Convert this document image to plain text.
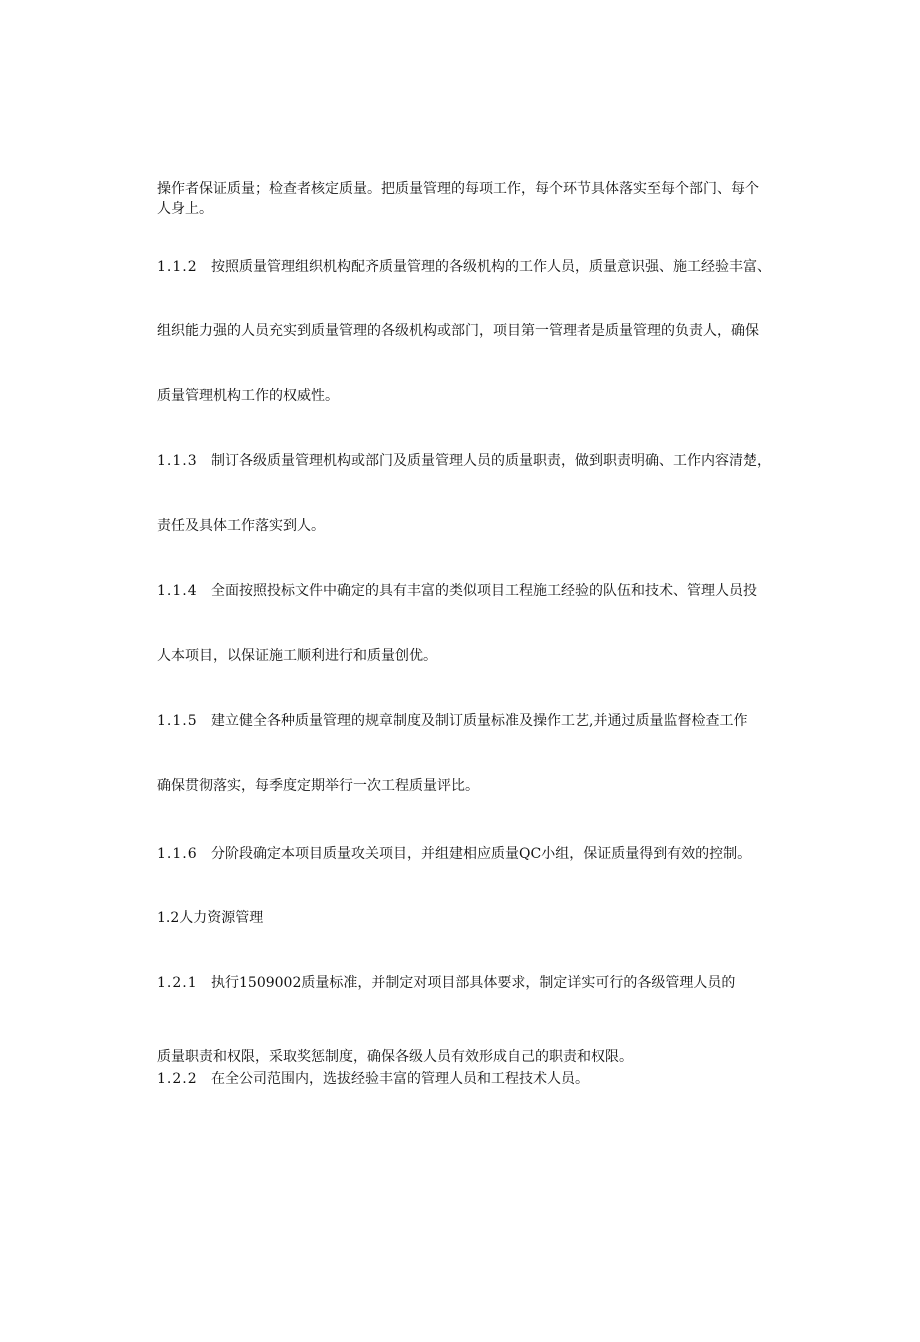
操作者保证质量；检查者核定质量。把质量管理的每项工作，每个环节具体落实至每个部门、每个
人身上。
1.1.2 按照质量管理组织机构配齐质量管理的各级机构的工作人员，质量意识强、施工经验丰富、
组织能力强的人员充实到质量管理的各级机构或部门，项目第一管理者是质量管理的负责人，确保
质量管理机构工作的权威性。
1.1.3 制订各级质量管理机构或部门及质量管理人员的质量职责，做到职责明确、工作内容清楚，
责任及具体工作落实到人。
1.1.4 全面按照投标文件中确定的具有丰富的类似项目工程施工经验的队伍和技术、管理人员投
人本项目，以保证施工顺利进行和质量创优。
1.1.5 建立健全各种质量管理的规章制度及制订质量标准及操作工艺,并通过质量监督检查工作
确保贯彻落实，每季度定期举行一次工程质量评比。
1.1.6 分阶段确定本项目质量攻关项目，并组建相应质量QC小组，保证质量得到有效的控制。
1.2人力资源管理
1.2.1 执行1509002质量标准，并制定对项目部具体要求，制定详实可行的各级管理人员的
质量职责和权限，采取奖惩制度，确保各级人员有效形成自己的职责和权限。
1.2.2 在全公司范围内，选拔经验丰富的管理人员和工程技术人员。
